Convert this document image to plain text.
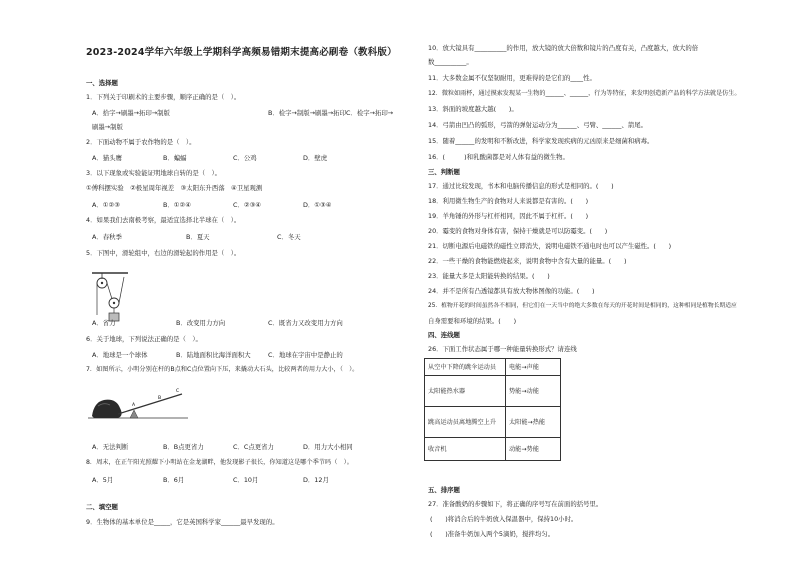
2023-2024学年六年级上学期科学高频易错期末提高必刷卷（教科版）
一、选择题
1．下列关于印刷术的主要步骤，顺序正确的是（　）。
A．拾字→刷墨→拓印→制版	B．检字→制版→刷墨→拓印 C．检字→拓印→
刷墨→制版
2．下面动物不属于农作物的是（　）。
A．猫头鹰	B．蝙蝠	C．公鸡	D．壁虎
3．以下现象或实验能证明地球自转的是（　）。
①傅科摆实验　②极星周年视差　③太阳东升西落　④卫星观测
A．①②③	B．①②④	C．②③④	D．①③④
4．如果我们去南极考察，最适宜选择北半球在（　）。
A．春秋季	B．夏天	C．冬天
5．下图中，滑轮组中，右边的滑轮起的作用是（　）。
A．省力	B．改变用力方向	C．既省力又改变用力方向
6．关于地球，下列说法正确的是（　）。
A．地球是一个球体	B．陆地面积比海洋面积大	C．地球在宇宙中是静止的
7．如图所示，小明分别在杆的B点和C点位置向下压，来撬动大石头，比较两者的用力大小，（　）。
A
B
C
A．无法判断	B．B点更省力	C．C点更省力	D．用力大小相同
8．周末，在正午阳光照耀下小明站在金龙湖畔，他发现影子很长，你知道这是哪个季节吗（　）。
A．5月	B．6月	C．10月	D．12月
二、填空题
9．生物体的基本单位是_____，它是英国科学家______最早发现的。
10．放大镜具有__________的作用，放大镜的放大倍数和镜片的凸度有关，凸度越大，放大的倍
数__________。
11．大多数金属不仅坚韧耐用，更难得的是它们的____性。
12．微粒如雨杯，通过摸索发现某一生物的______、______，行为等特征，来发明创造新产品的科学方法就是仿生。
13．斜面的坡度越大越(　　)。
14．弓箭由凹凸的弧形，弓箭的弹射运动分为______、弓臂、______、箭尾。
15．随着______的发明和不断改进，科学家发现疾病的元凶原来是细菌和病毒。
16．(　　　)和乳酸菌都是对人体有益的微生物。
三、判断题
17．通过比较发现，书本和电脑传播信息的形式是相同的。(　　)
18．利用微生物生产的食物对人来说都是有害的。(　　)
19．羊角锤的外形与杠杆相同，因此不属于杠杆。(　　)
20．霉变的食物对身体有害，保持干燥就是可以防霉变。(　　)
21．切断电源后电磁铁的磁性立即消失，说明电磁铁不通电时也可以产生磁性。(　　)
22．一些干燥的食物能燃烧起来，说明食物中含有大量的能量。(　　)
23．能量大多是太阳能转换的结果。(　　)
24．并不是所有凸透镜都具有放大物体图像的功能。(　　)
25．植物开花的时间虽然各不相同，但它们在一天当中的绝大多数在每天的开花时间是相同的，这种相同是植物长期适应
自身需要和环境的结果。(　　)
四、连线题
26．下面工作状态属于哪一种能量转换形式？请连线
从空中下降的跳伞运动员	电能→声能
太阳能热水器	势能→动能
跳高运动员离地腾空上升	太阳能→热能
收音机	动能→势能
五、排序题
27．准备酸奶的步骤如下，将正确的序号写在前面的括号里。
(　　)将消合后的牛奶放入保温器中，保持10小时。
(　　)准备牛奶加入两个5滴奶，搅拌均匀。
